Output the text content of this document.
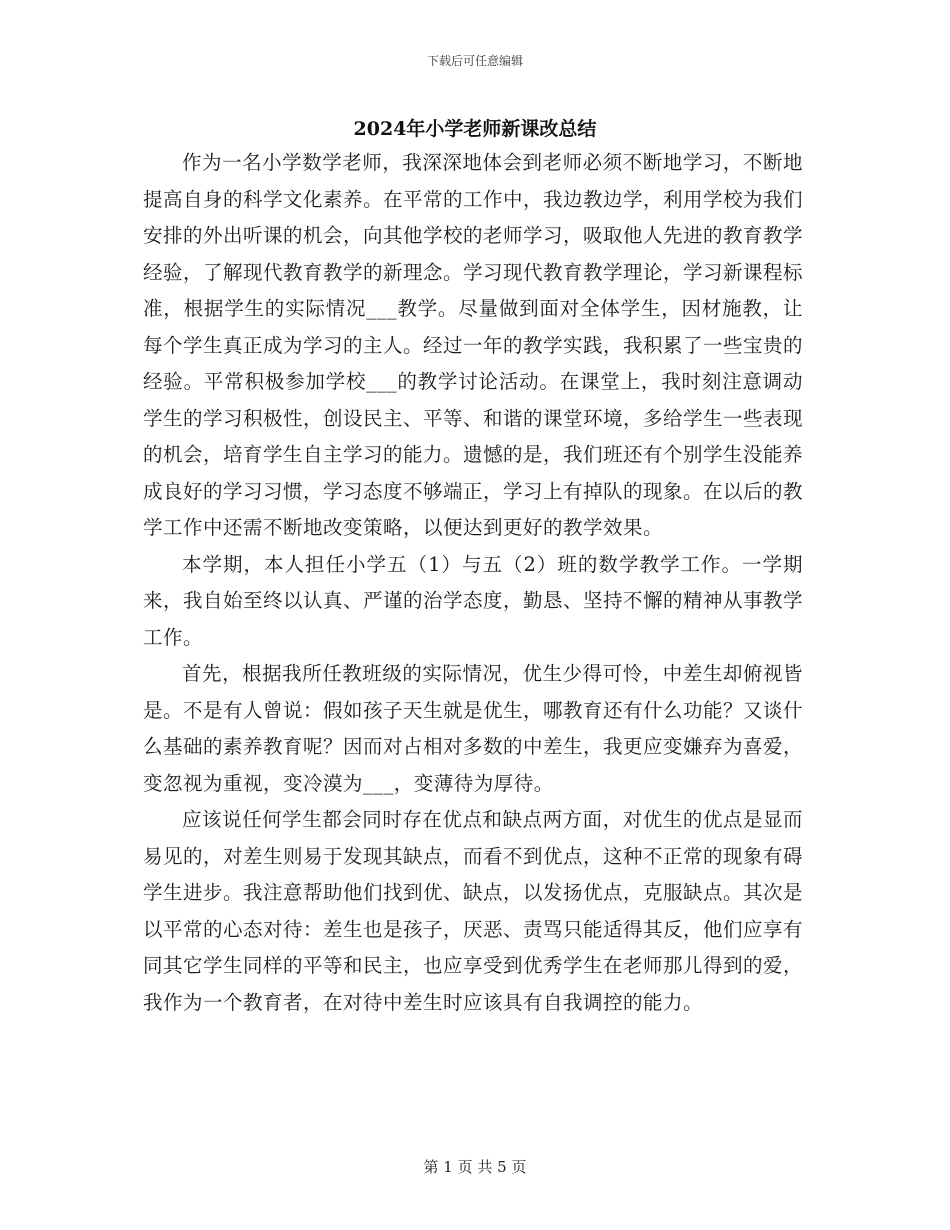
下载后可任意编辑
2024年小学老师新课改总结

作为一名小学数学老师，我深深地体会到老师必须不断地学习，不断地提高自身的科学文化素养。在平常的工作中，我边教边学，利用学校为我们安排的外出听课的机会，向其他学校的老师学习，吸取他人先进的教育教学经验，了解现代教育教学的新理念。学习现代教育教学理论，学习新课程标准，根据学生的实际情况___教学。尽量做到面对全体学生，因材施教，让每个学生真正成为学习的主人。经过一年的教学实践，我积累了一些宝贵的经验。平常积极参加学校___的教学讨论活动。在课堂上，我时刻注意调动学生的学习积极性，创设民主、平等、和谐的课堂环境，多给学生一些表现的机会，培育学生自主学习的能力。遗憾的是，我们班还有个别学生没能养成良好的学习习惯，学习态度不够端正，学习上有掉队的现象。在以后的教学工作中还需不断地改变策略，以便达到更好的教学效果。

本学期，本人担任小学五（1）与五（2）班的数学教学工作。一学期来，我自始至终以认真、严谨的治学态度，勤恳、坚持不懈的精神从事教学工作。

首先，根据我所任教班级的实际情况，优生少得可怜，中差生却俯视皆是。不是有人曾说：假如孩子天生就是优生，哪教育还有什么功能？又谈什么基础的素养教育呢？因而对占相对多数的中差生，我更应变嫌弃为喜爱，变忽视为重视，变冷漠为___，变薄待为厚待。

应该说任何学生都会同时存在优点和缺点两方面，对优生的优点是显而易见的，对差生则易于发现其缺点，而看不到优点，这种不正常的现象有碍学生进步。我注意帮助他们找到优、缺点，以发扬优点，克服缺点。其次是以平常的心态对待：差生也是孩子，厌恶、责骂只能适得其反，他们应享有同其它学生同样的平等和民主，也应享受到优秀学生在老师那儿得到的爱，我作为一个教育者，在对待中差生时应该具有自我调控的能力。

第 1 页 共 5 页
